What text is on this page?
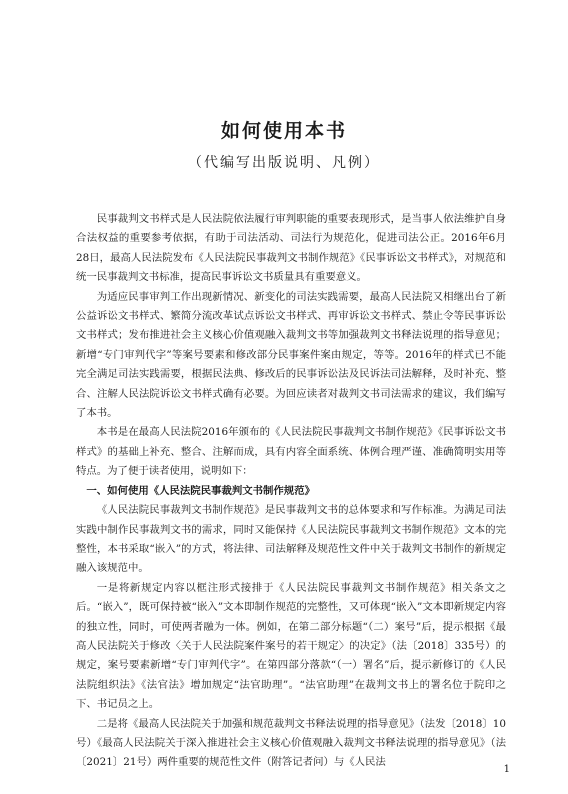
如何使用本书
（代编写出版说明、凡例）

民事裁判文书样式是人民法院依法履行审判职能的重要表现形式，是当事人依法维护自身合法权益的重要参考依据，有助于司法活动、司法行为规范化，促进司法公正。2016年6月28日，最高人民法院发布《人民法院民事裁判文书制作规范》《民事诉讼文书样式》，对规范和统一民事裁判文书标准，提高民事诉讼文书质量具有重要意义。

为适应民事审判工作出现新情况、新变化的司法实践需要，最高人民法院又相继出台了新公益诉讼文书样式、繁简分流改革试点诉讼文书样式、再审诉讼文书样式、禁止令等民事诉讼文书样式；发布推进社会主义核心价值观融入裁判文书等加强裁判文书释法说理的指导意见；新增“专门审判代字”等案号要素和修改部分民事案件案由规定，等等。2016年的样式已不能完全满足司法实践需要，根据民法典、修改后的民事诉讼法及民诉法司法解释，及时补充、整合、注解人民法院诉讼文书样式确有必要。为回应读者对裁判文书司法需求的建议，我们编写了本书。

本书是在最高人民法院2016年颁布的《人民法院民事裁判文书制作规范》《民事诉讼文书样式》的基础上补充、整合、注解而成，具有内容全面系统、体例合理严谨、准确简明实用等特点。为了便于读者使用，说明如下：

一、如何使用《人民法院民事裁判文书制作规范》

《人民法院民事裁判文书制作规范》是民事裁判文书的总体要求和写作标准。为满足司法实践中制作民事裁判文书的需求，同时又能保持《人民法院民事裁判文书制作规范》文本的完整性，本书采取“嵌入”的方式，将法律、司法解释及规范性文件中关于裁判文书制作的新规定融入该规范中。

一是将新规定内容以框注形式接排于《人民法院民事裁判文书制作规范》相关条文之后。“嵌入”，既可保持被“嵌入”文本即制作规范的完整性，又可体现“嵌入”文本即新规定内容的独立性，同时，可使两者融为一体。例如，在第二部分标题“（二）案号”后，提示根据《最高人民法院关于修改〈关于人民法院案件案号的若干规定〉的决定》（法〔2018〕335号）的规定，案号要素新增“专门审判代字”。在第四部分落款“（一）署名”后，提示新修订的《人民法院组织法》《法官法》增加规定“法官助理”。“法官助理”在裁判文书上的署名位于院印之下、书记员之上。

二是将《最高人民法院关于加强和规范裁判文书释法说理的指导意见》（法发〔2018〕10号）《最高人民法院关于深入推进社会主义核心价值观融入裁判文书释法说理的指导意见》（法〔2021〕21号）两件重要的规范性文件（附答记者问）与《人民法

1
